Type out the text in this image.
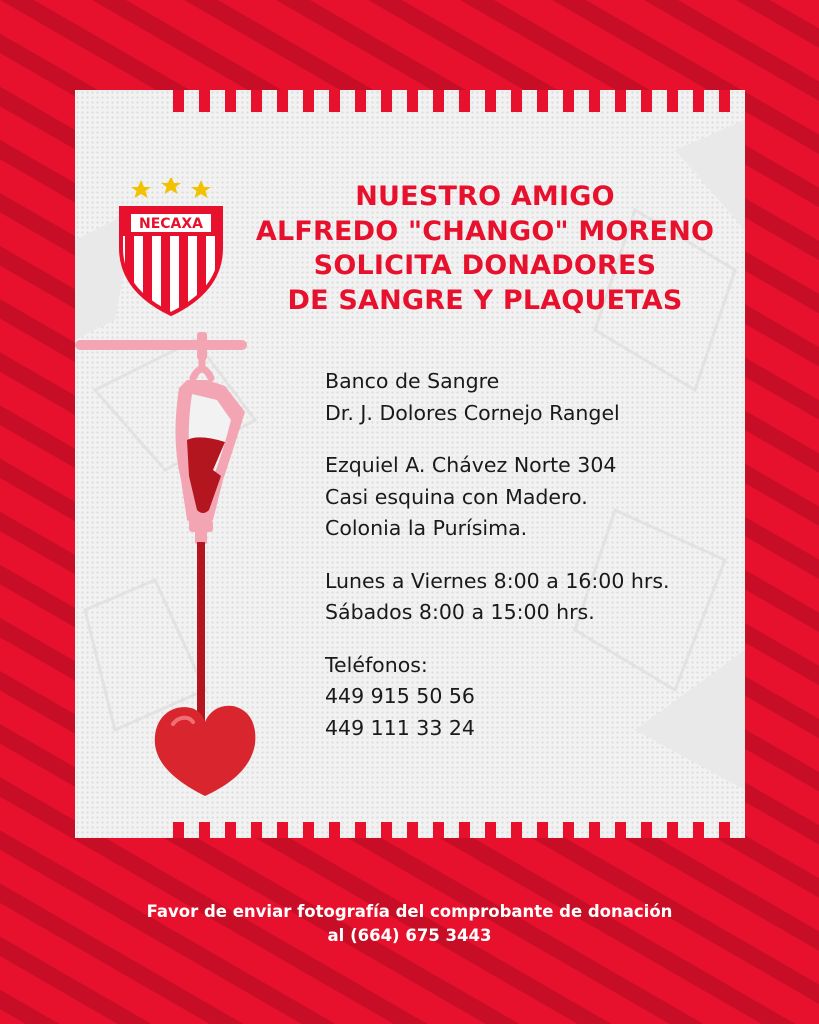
NECAXA
NUESTRO AMIGO
ALFREDO "CHANGO" MORENO
SOLICITA DONADORES
DE SANGRE Y PLAQUETAS
Banco de Sangre
Dr. J. Dolores Cornejo Rangel
Ezquiel A. Chávez Norte 304
Casi esquina con Madero.
Colonia la Purísima.
Lunes a Viernes 8:00 a 16:00 hrs.
Sábados 8:00 a 15:00 hrs.
Teléfonos:
449 915 50 56
449 111 33 24
Favor de enviar fotografía del comprobante de donación
al (664) 675 3443
